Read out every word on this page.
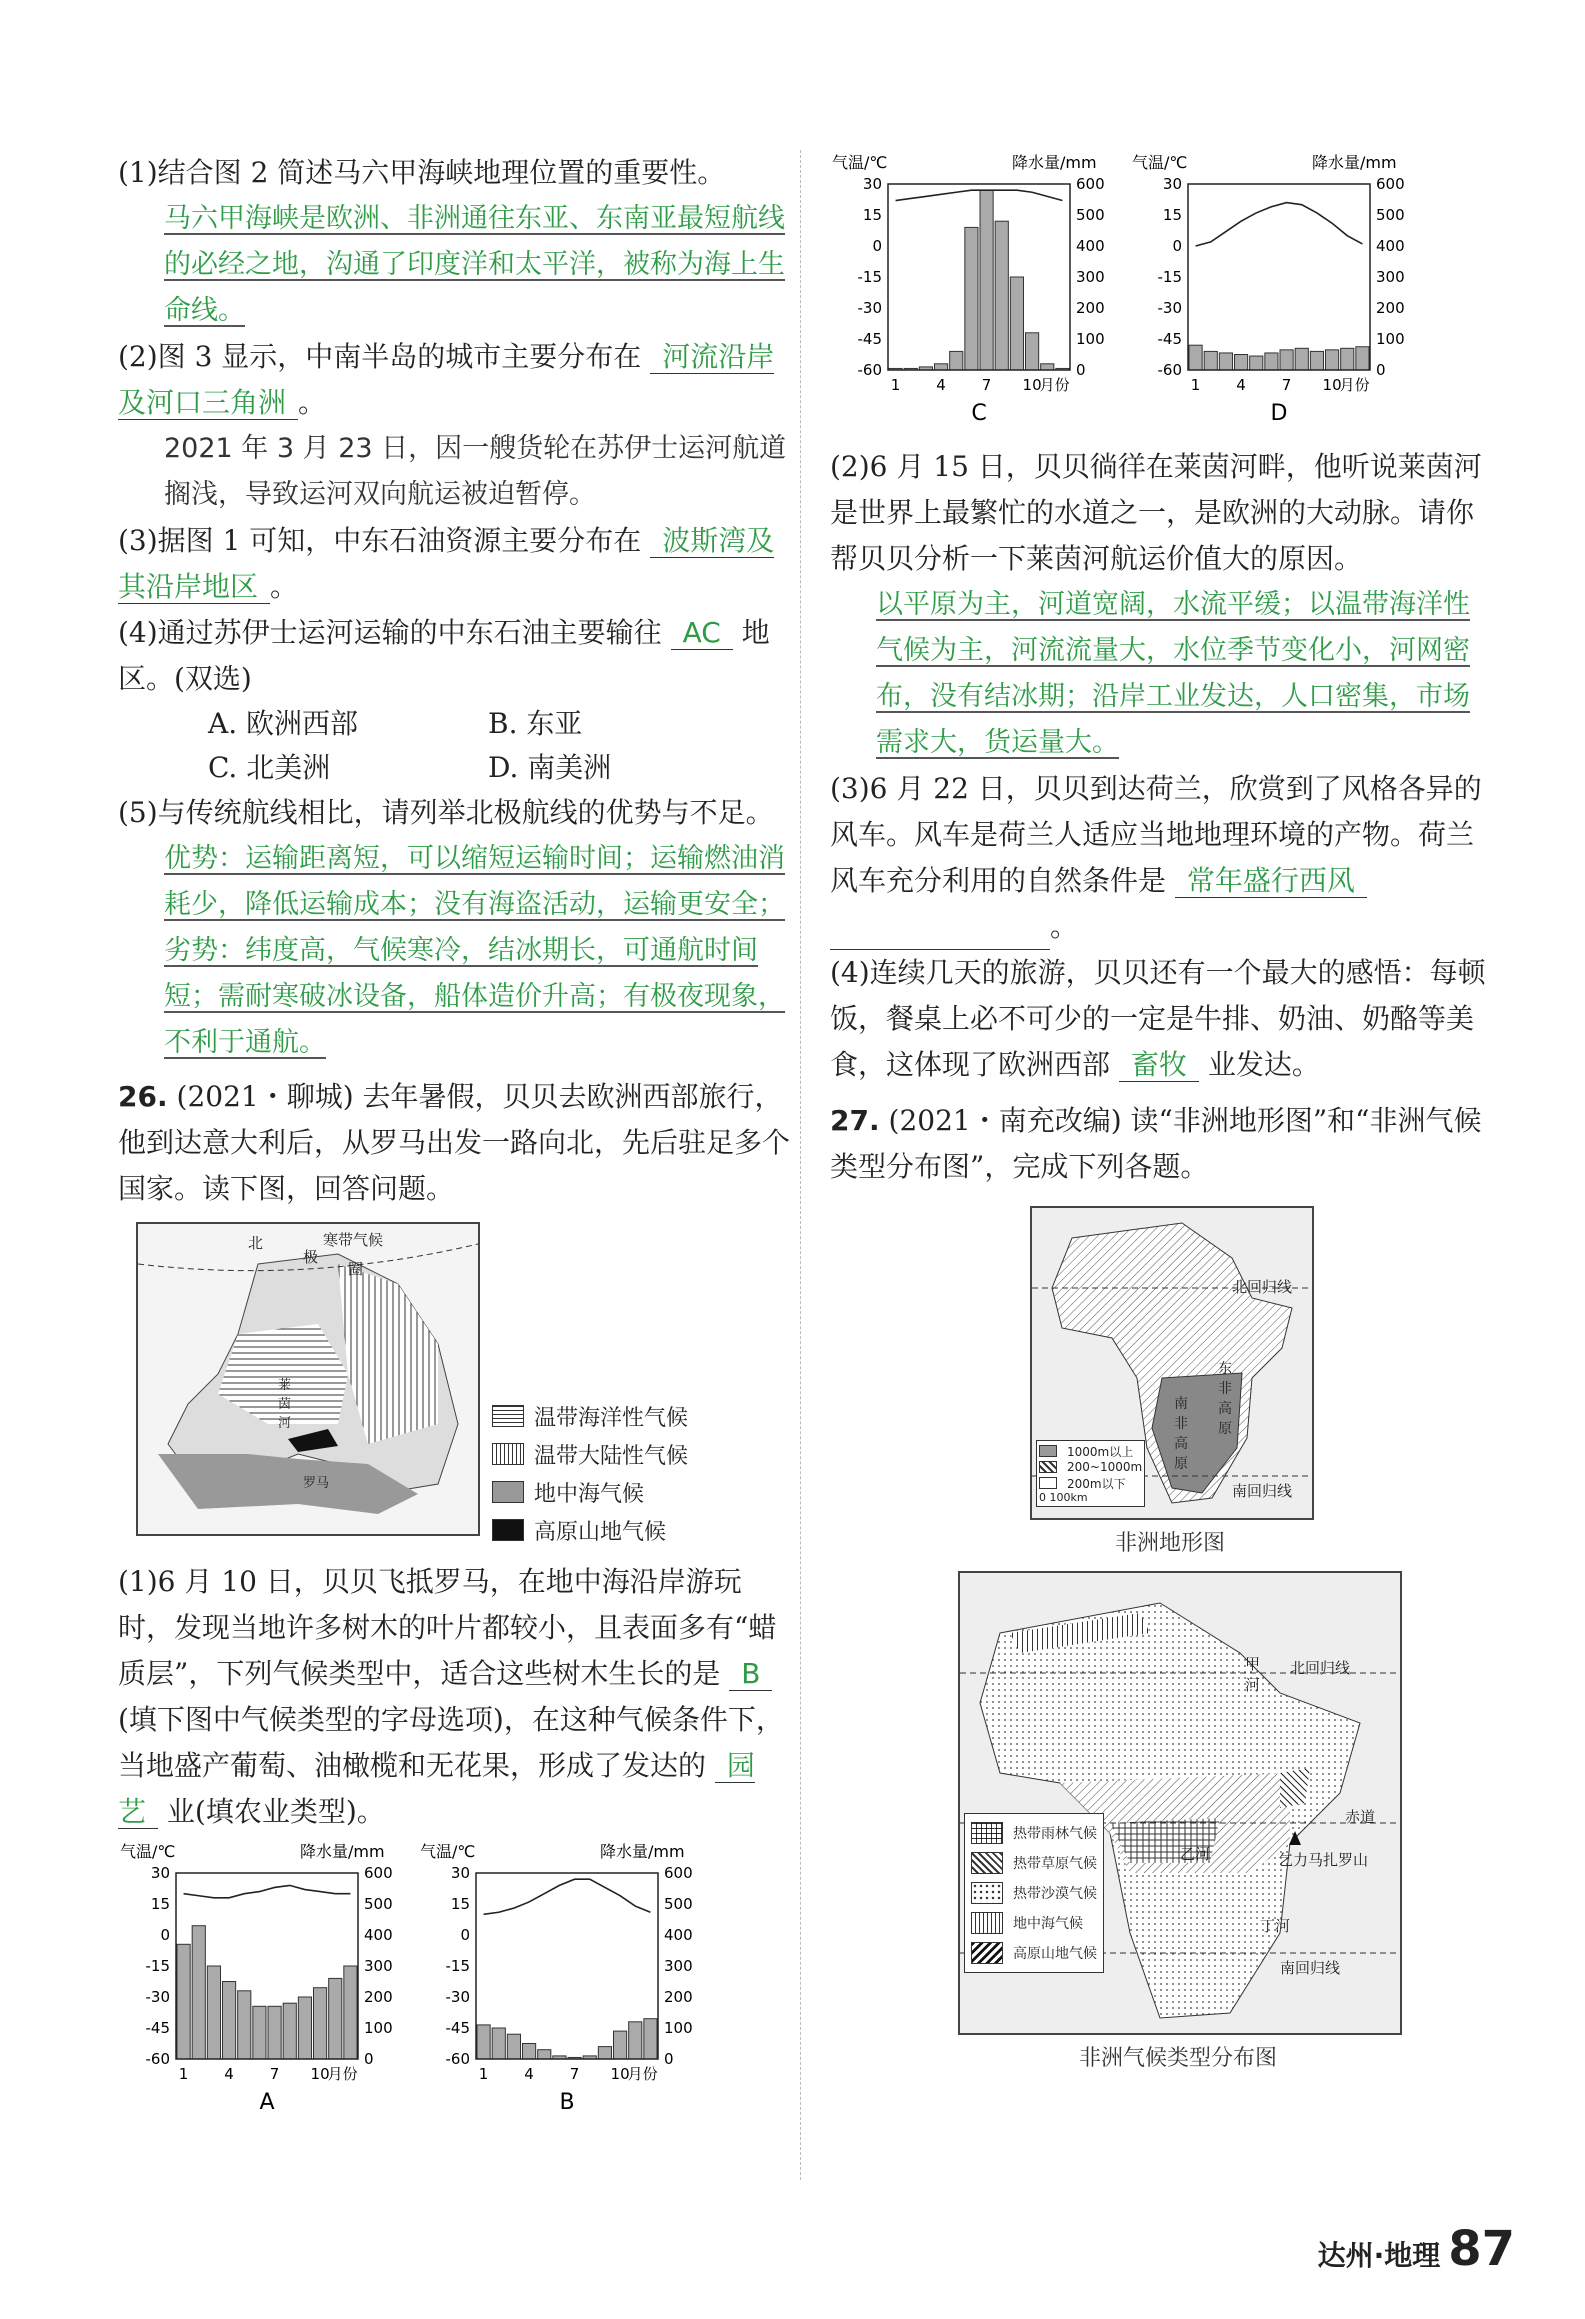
(1)结合图 2 简述马六甲海峡地理位置的重要性。

马六甲海峡是欧洲、非洲通往东亚、东南亚最短航线的必经之地，沟通了印度洋和太平洋，被称为海上生命线。

(2)图 3 显示，中南半岛的城市主要分布在 河流沿岸及河口三角洲 。

2021 年 3 月 23 日，因一艘货轮在苏伊士运河航道搁浅，导致运河双向航运被迫暂停。

(3)据图 1 可知，中东石油资源主要分布在 波斯湾及其沿岸地区 。

(4)通过苏伊士运河运输的中东石油主要输往 AC 地区。(双选)

A. 欧洲西部	B. 东亚
C. 北美洲	D. 南美洲

(5)与传统航线相比，请列举北极航线的优势与不足。

优势：运输距离短，可以缩短运输时间；运输燃油消耗少，降低运输成本；没有海盗活动，运输更安全；劣势：纬度高，气候寒冷，结冰期长，可通航时间短；需耐寒破冰设备，船体造价升高；有极夜现象，不利于通航。

26. (2021・聊城) 去年暑假，贝贝去欧洲西部旅行，他到达意大利后，从罗马出发一路向北，先后驻足多个国家。读下图，回答问题。

北
极
圈
寒带气候
莱茵河
罗马
温带海洋性气候
温带大陆性气候
地中海气候
高原山地气候

(1)6 月 10 日，贝贝飞抵罗马，在地中海沿岸游玩时，发现当地许多树木的叶片都较小，且表面多有“蜡质层”，下列气候类型中，适合这些树木生长的是 B (填下图中气候类型的字母选项)，在这种气候条件下，当地盛产葡萄、油橄榄和无花果，形成了发达的 园艺 业(填农业类型)。

气温/℃	降水量/mm
30
15
0
-15
-30
-45
-60
600
500
400
300
200
100
0
1 4 7 10
月份
A
气温/℃	降水量/mm
30
15
0
-15
-30
-45
-60
600
500
400
300
200
100
0
1 4 7 10
月份
B
气温/℃	降水量/mm
30
15
0
-15
-30
-45
-60
600
500
400
300
200
100
0
1 4 7 10
月份
C
气温/℃	降水量/mm
30
15
0
-15
-30
-45
-60
600
500
400
300
200
100
0
1 4 7 10
月份
D

(2)6 月 15 日，贝贝徜徉在莱茵河畔，他听说莱茵河是世界上最繁忙的水道之一，是欧洲的大动脉。请你帮贝贝分析一下莱茵河航运价值大的原因。

以平原为主，河道宽阔，水流平缓；以温带海洋性气候为主，河流流量大，水位季节变化小，河网密布，没有结冰期；沿岸工业发达，人口密集，市场需求大，货运量大。

(3)6 月 22 日，贝贝到达荷兰，欣赏到了风格各异的风车。风车是荷兰人适应当地地理环境的产物。荷兰风车充分利用的自然条件是 常年盛行西风 。

(4)连续几天的旅游，贝贝还有一个最大的感悟：每顿饭，餐桌上必不可少的一定是牛排、奶油、奶酪等美食，这体现了欧洲西部 畜牧 业发达。

27. (2021・南充改编) 读“非洲地形图”和“非洲气候类型分布图”，完成下列各题。

北回归线
南回归线
南非高原
东非高原
1000m以上
200~1000m
200m以下
0 100km
非洲地形图
北回归线
赤道
南回归线
甲河
乙河
丁河
乞力马扎罗山
热带雨林气候
热带草原气候
热带沙漠气候
地中海气候
高原山地气候
非洲气候类型分布图
达州·地理 87
